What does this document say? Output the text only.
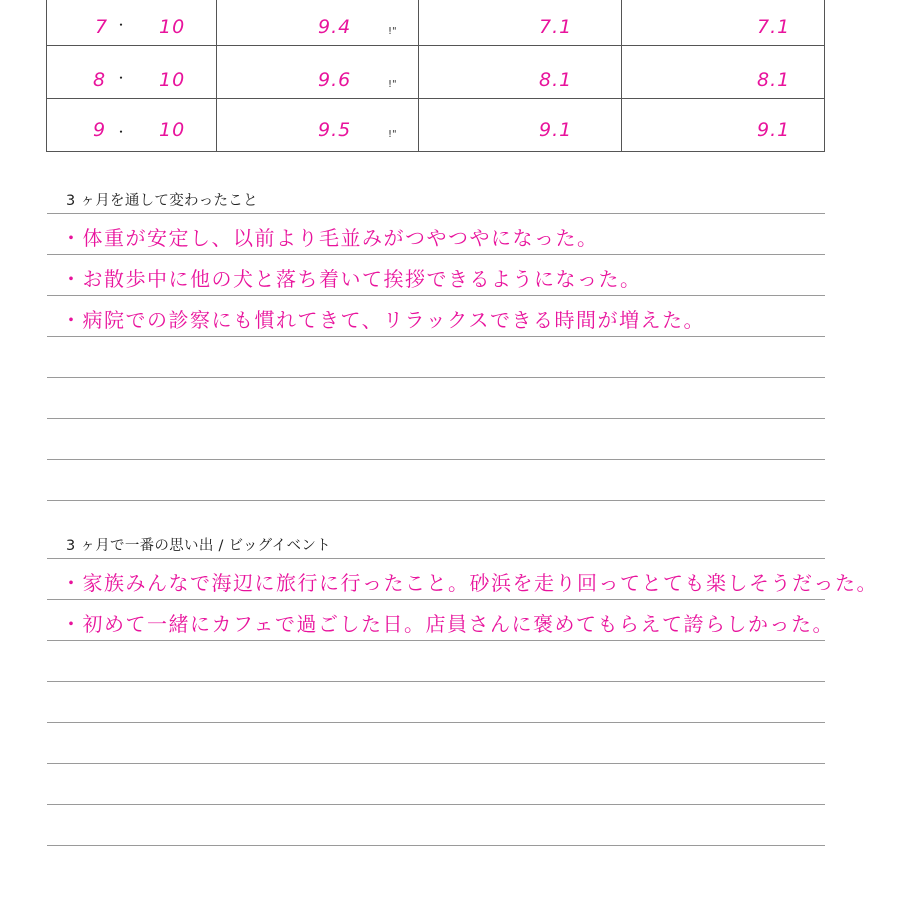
7 ・ 10	9.4	!"	7.1	7.1
8 ・ 10	9.6	!"	8.1	8.1
9 ・ 10	9.5	!"	9.1	9.1
3 ヶ月を通して変わったこと
・体重が安定し、以前より毛並みがつやつやになった。
・お散歩中に他の犬と落ち着いて挨拶できるようになった。
・病院での診察にも慣れてきて、リラックスできる時間が増えた。
3 ヶ月で一番の思い出 / ビッグイベント
・家族みんなで海辺に旅行に行ったこと。砂浜を走り回ってとても楽しそうだった。
・初めて一緒にカフェで過ごした日。店員さんに褒めてもらえて誇らしかった。
